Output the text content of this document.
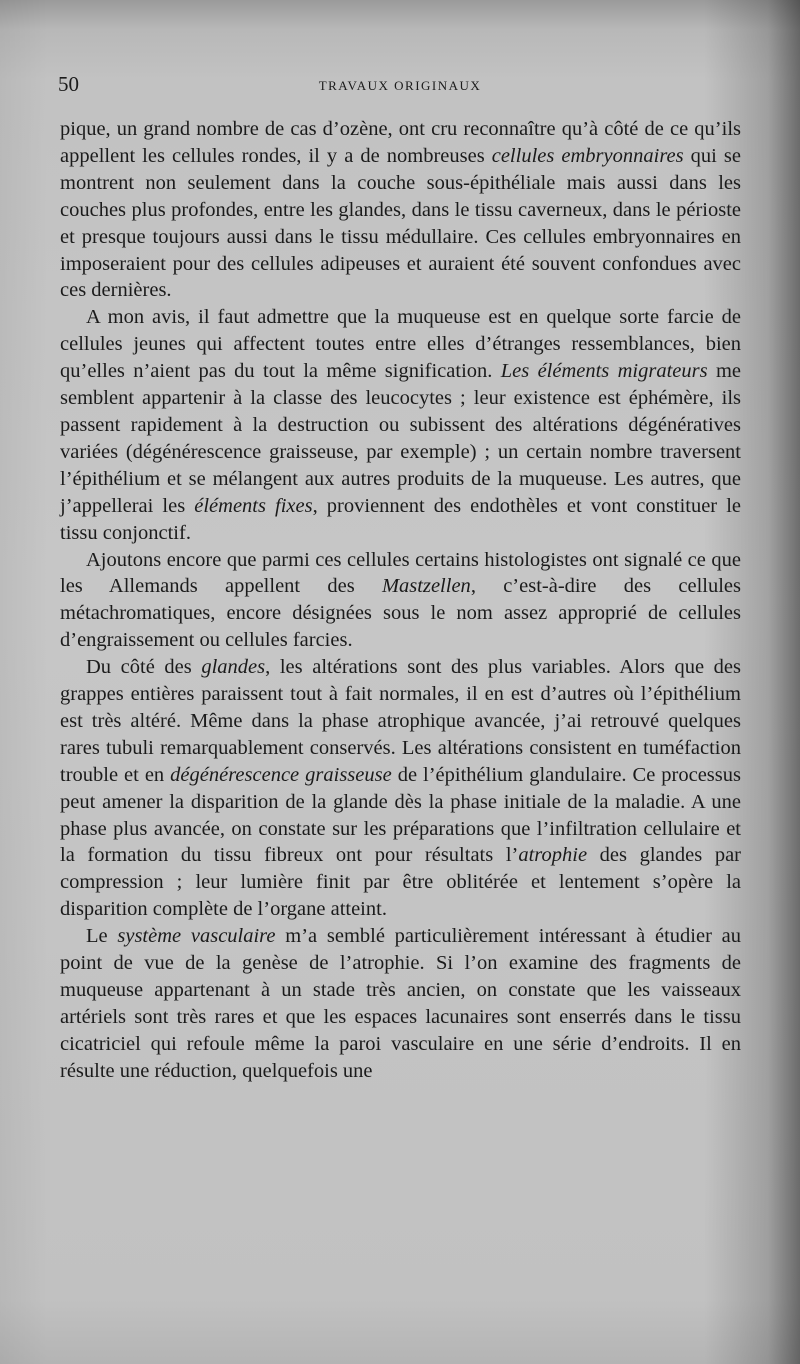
50	TRAVAUX ORIGINAUX

pique, un grand nombre de cas d’ozène, ont cru reconnaître qu’à côté de ce qu’ils appellent les cellules rondes, il y a de nombreuses cellules embryonnaires qui se montrent non seulement dans la couche sous-épithéliale mais aussi dans les couches plus profondes, entre les glandes, dans le tissu caverneux, dans le périoste et presque toujours aussi dans le tissu médullaire. Ces cellules embryonnaires en imposeraient pour des cellules adipeuses et auraient été souvent confondues avec ces dernières.

A mon avis, il faut admettre que la muqueuse est en quelque sorte farcie de cellules jeunes qui affectent toutes entre elles d’étranges ressemblances, bien qu’elles n’aient pas du tout la même signification. Les éléments migrateurs me semblent appartenir à la classe des leucocytes ; leur existence est éphémère, ils passent rapidement à la destruction ou subissent des altérations dégénératives variées (dégénérescence graisseuse, par exemple) ; un certain nombre traversent l’épithélium et se mélangent aux autres produits de la muqueuse. Les autres, que j’appellerai les éléments fixes, proviennent des endothèles et vont constituer le tissu conjonctif.

Ajoutons encore que parmi ces cellules certains histologistes ont signalé ce que les Allemands appellent des Mastzellen, c’est-à-dire des cellules métachromatiques, encore désignées sous le nom assez approprié de cellules d’engraissement ou cellules farcies.

Du côté des glandes, les altérations sont des plus variables. Alors que des grappes entières paraissent tout à fait normales, il en est d’autres où l’épithélium est très altéré. Même dans la phase atrophique avancée, j’ai retrouvé quelques rares tubuli remarquablement conservés. Les altérations consistent en tuméfaction trouble et en dégénérescence graisseuse de l’épithélium glandulaire. Ce processus peut amener la disparition de la glande dès la phase initiale de la maladie. A une phase plus avancée, on constate sur les préparations que l’infiltration cellulaire et la formation du tissu fibreux ont pour résultats l’atrophie des glandes par compression ; leur lumière finit par être oblitérée et lentement s’opère la disparition complète de l’organe atteint.

Le système vasculaire m’a semblé particulièrement intéressant à étudier au point de vue de la genèse de l’atrophie. Si l’on examine des fragments de muqueuse appartenant à un stade très ancien, on constate que les vaisseaux artériels sont très rares et que les espaces lacunaires sont enserrés dans le tissu cicatriciel qui refoule même la paroi vasculaire en une série d’endroits. Il en résulte une réduction, quelquefois une
